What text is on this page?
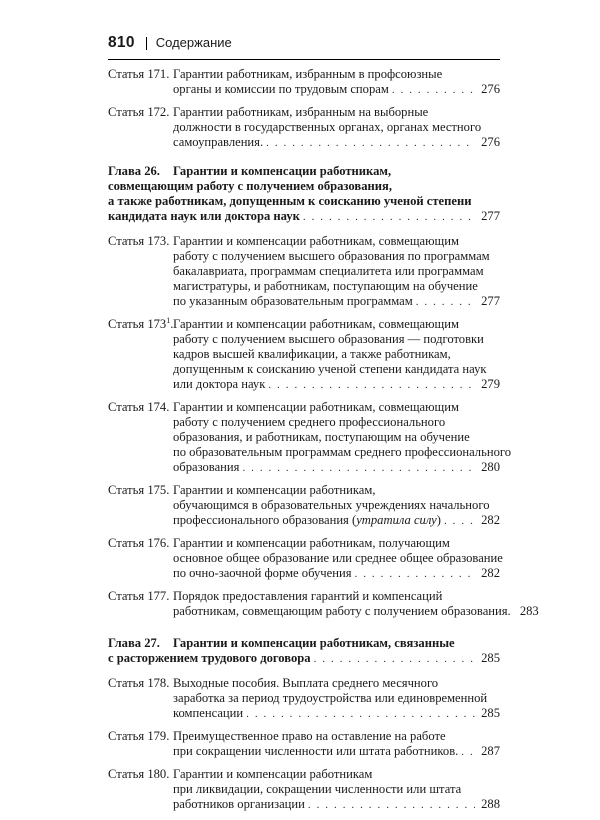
810 Содержание
Статья 171. Гарантии работникам, избранным в профсоюзные
органы и комиссии по трудовым спорам . . .	276
Статья 172. Гарантии работникам, избранным на выборные
должности в государственных органах, органах местного
самоуправления. . . .	276
Глава 26.	Гарантии и компенсации работникам,
совмещающим работу с получением образования,
а также работникам, допущенным к соисканию ученой степени
кандидата наук или доктора наук . . .	277
Статья 173. Гарантии и компенсации работникам, совмещающим
работу с получением высшего образования по программам
бакалавриата, программам специалитета или программам
магистратуры, и работникам, поступающим на обучение
по указанным образовательным программам . . .	277
Статья $173^1$. Гарантии и компенсации работникам, совмещающим
работу с получением высшего образования — подготовки
кадров высшей квалификации, а также работникам,
допущенным к соисканию ученой степени кандидата наук
или доктора наук . . .	279
Статья 174. Гарантии и компенсации работникам, совмещающим
работу с получением среднего профессионального
образования, и работникам, поступающим на обучение
по образовательным программам среднего профессионального
образования . . .	280
Статья 175. Гарантии и компенсации работникам,
обучающимся в образовательных учреждениях начального
профессионального образования ( утратила силу ) . . .	282
Статья 176. Гарантии и компенсации работникам, получающим
основное общее образование или среднее общее образование
по очно-заочной форме обучения . . .	282
Статья 177. Порядок предоставления гарантий и компенсаций
работникам, совмещающим работу с получением образования. 283
Глава 27.	Гарантии и компенсации работникам, связанные
с расторжением трудового договора . . .	285
Статья 178. Выходные пособия. Выплата среднего месячного
заработка за период трудоустройства или единовременной
компенсации . . .	285
Статья 179. Преимущественное право на оставление на работе
при сокращении численности или штата работников. . . . 287
Статья 180. Гарантии и компенсации работникам
при ликвидации, сокращении численности или штата
работников организации . . .	288
